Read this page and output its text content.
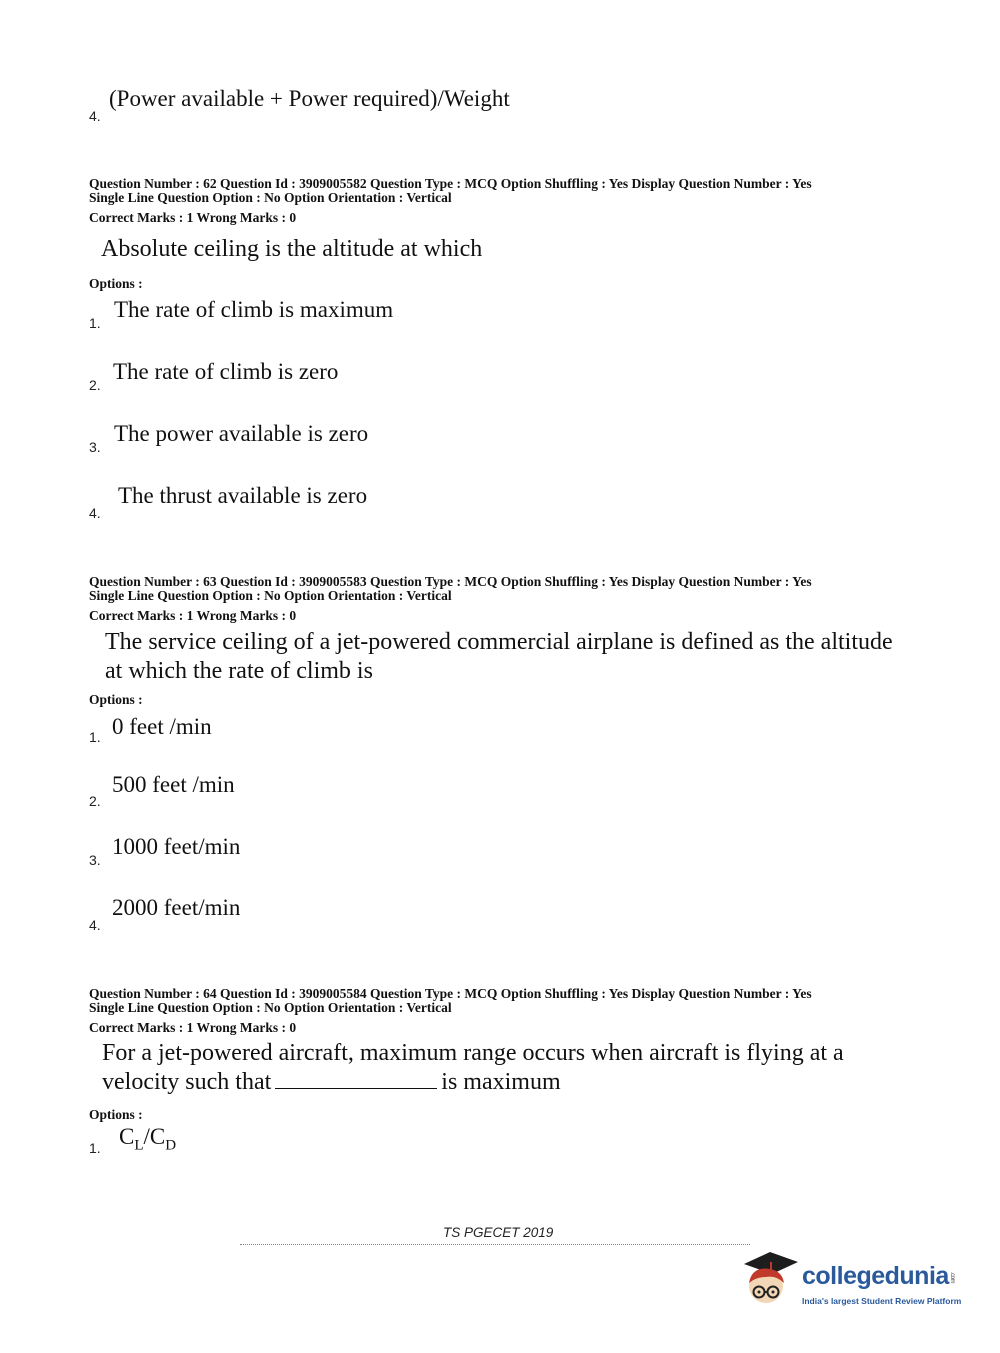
4.
(Power available + Power required)/Weight
Question Number : 62 Question Id : 3909005582 Question Type : MCQ Option Shuffling : Yes Display Question Number : Yes
Single Line Question Option : No Option Orientation : Vertical
Correct Marks : 1 Wrong Marks : 0
Absolute ceiling is the altitude at which
Options :
1.
The rate of climb is maximum
2.
The rate of climb is zero
3.
The power available is zero
4.
The thrust available is zero
Question Number : 63 Question Id : 3909005583 Question Type : MCQ Option Shuffling : Yes Display Question Number : Yes
Single Line Question Option : No Option Orientation : Vertical
Correct Marks : 1 Wrong Marks : 0
The service ceiling of a jet-powered commercial airplane is defined as the altitude at which the rate of climb is
Options :
1. 0 feet /min
2.
500 feet /min
3.
1000 feet/min
4.
2000 feet/min
Question Number : 64 Question Id : 3909005584 Question Type : MCQ Option Shuffling : Yes Display Question Number : Yes
Single Line Question Option : No Option Orientation : Vertical
Correct Marks : 1 Wrong Marks : 0
For a jet-powered aircraft, maximum range occurs when aircraft is flying at a velocity such that	is maximum
Options :
1. $C_L/C_D$
TS PGECET 2019
collegedunia.com
India's largest Student Review Platform
